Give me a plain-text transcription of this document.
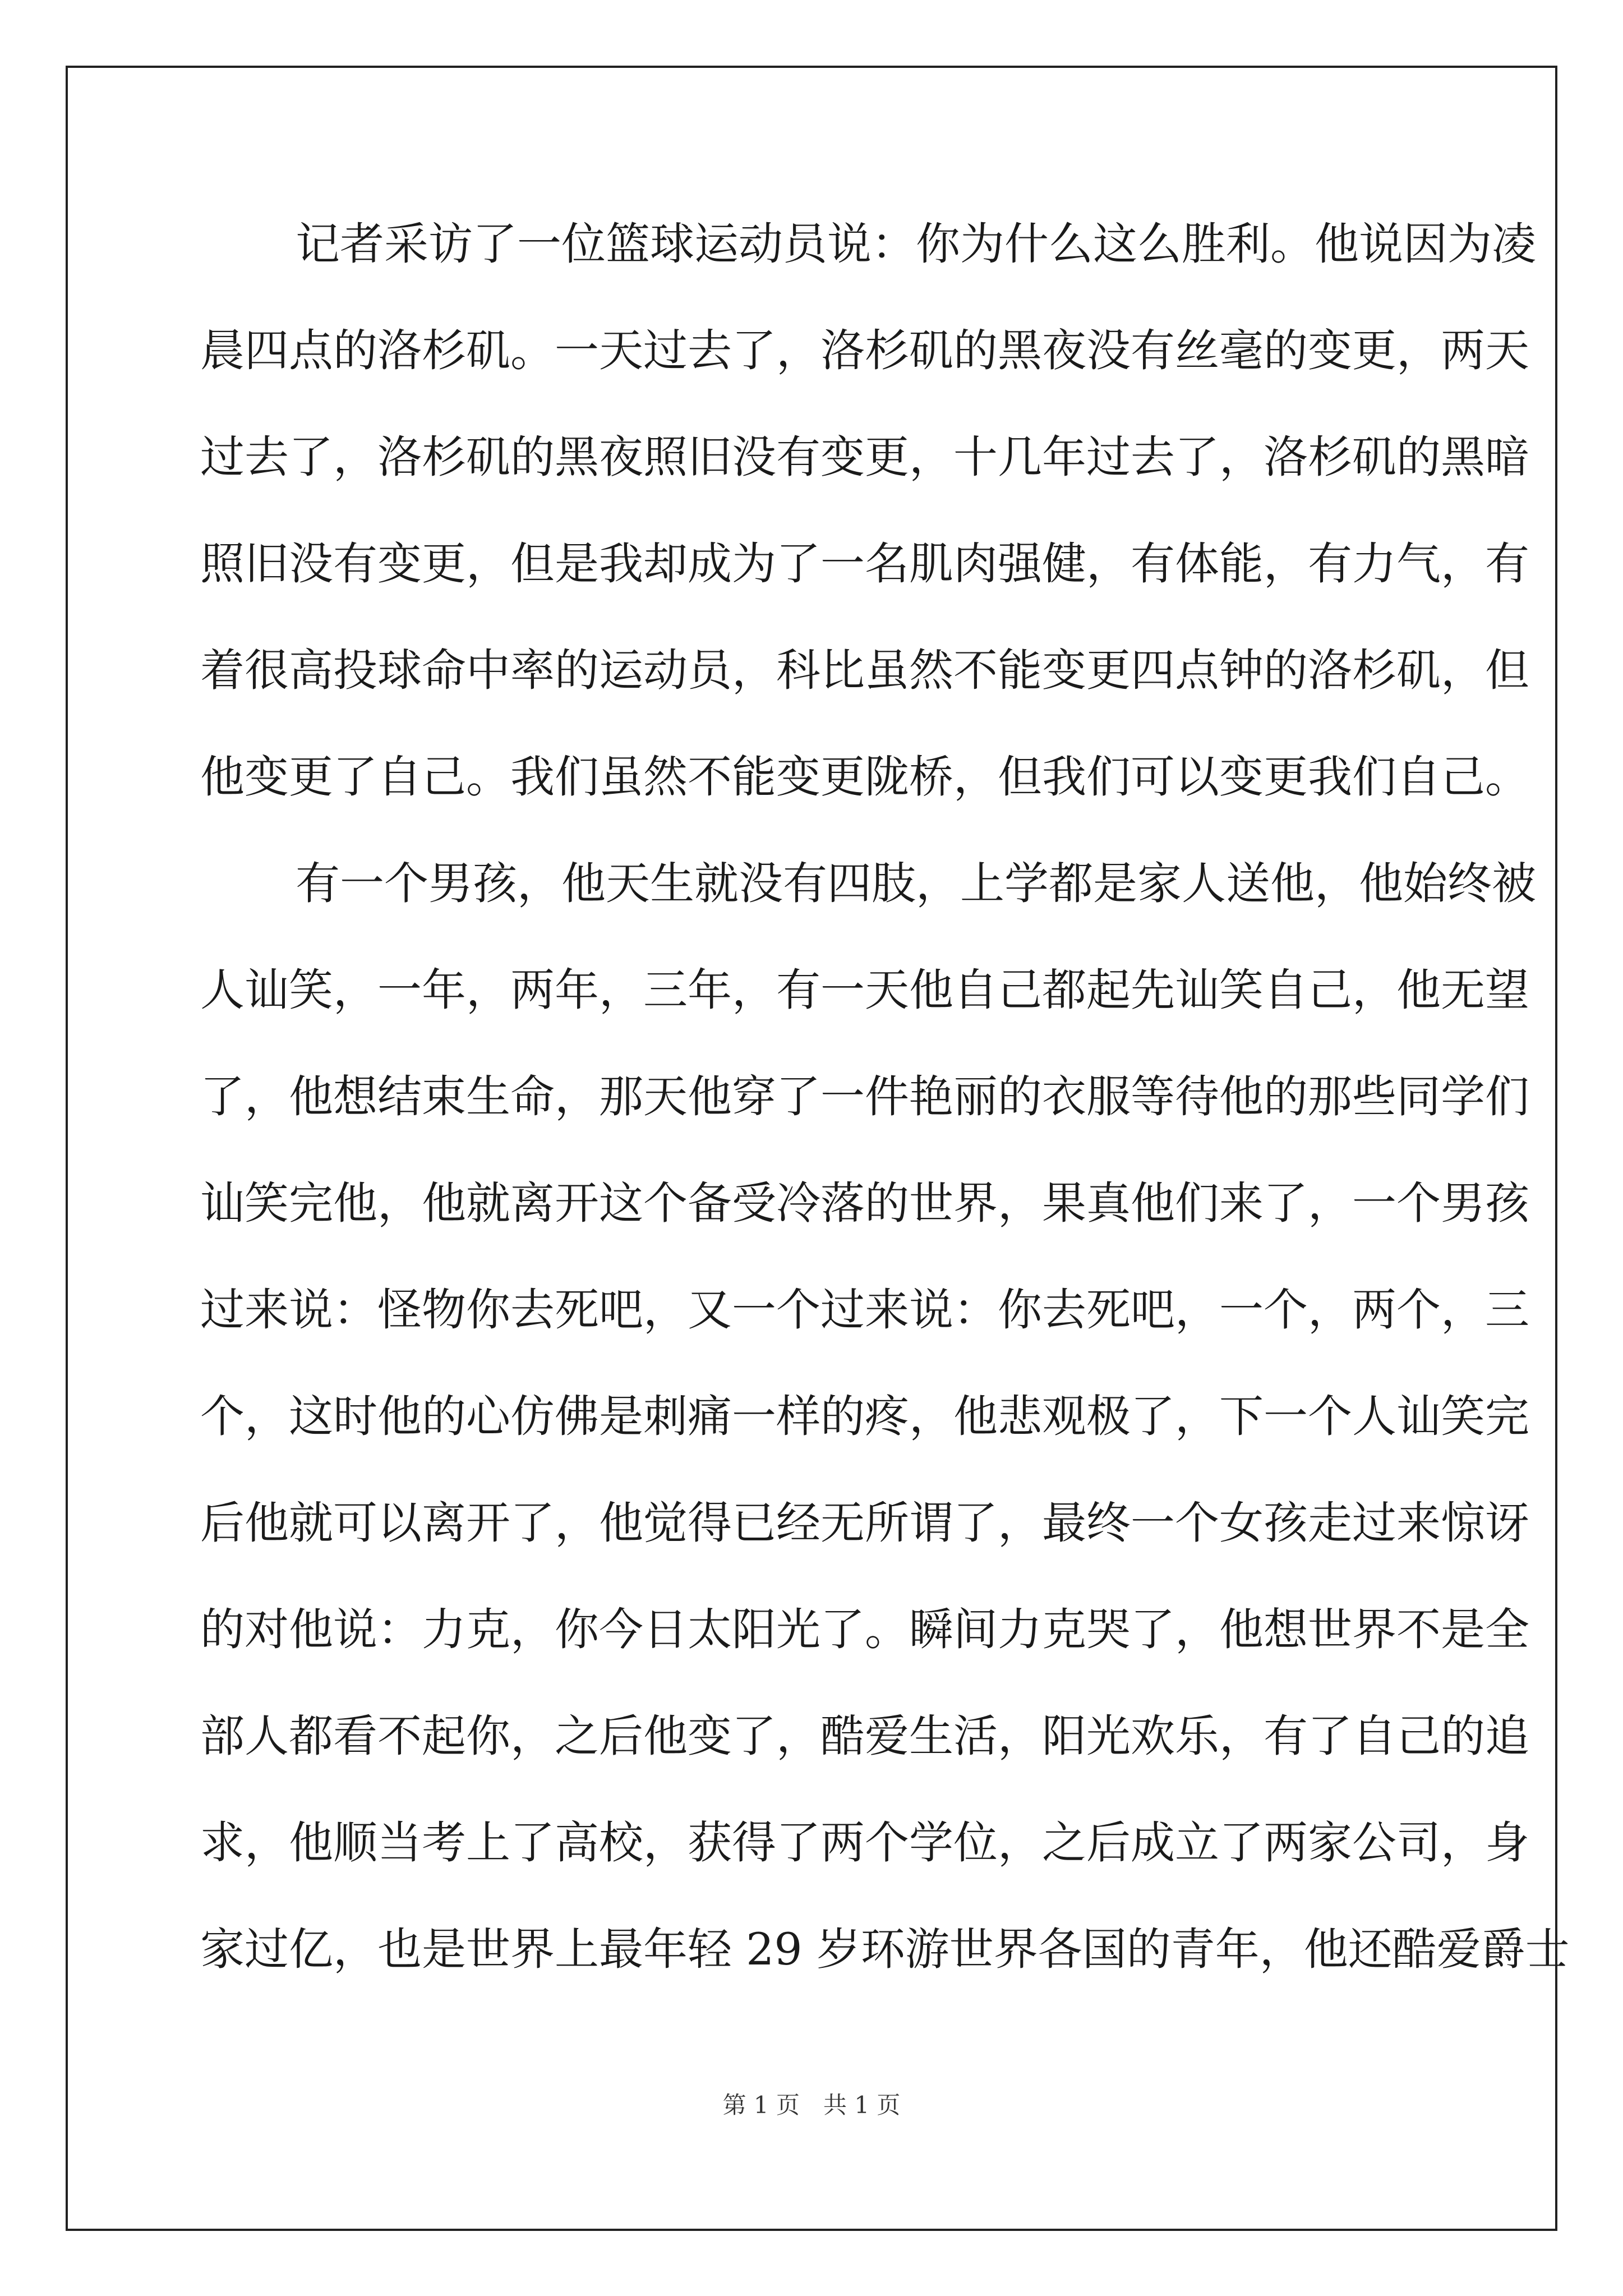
记者采访了一位篮球运动员说：你为什么这么胜利。他说因为凌
晨四点的洛杉矶。一天过去了，洛杉矶的黑夜没有丝毫的变更，两天
过去了，洛杉矶的黑夜照旧没有变更，十几年过去了，洛杉矶的黑暗
照旧没有变更，但是我却成为了一名肌肉强健，有体能，有力气，有
着很高投球命中率的运动员，科比虽然不能变更四点钟的洛杉矶，但
他变更了自己。我们虽然不能变更陇桥，但我们可以变更我们自己。
有一个男孩，他天生就没有四肢，上学都是家人送他，他始终被
人讪笑，一年，两年，三年，有一天他自己都起先讪笑自己，他无望
了，他想结束生命，那天他穿了一件艳丽的衣服等待他的那些同学们
讪笑完他，他就离开这个备受冷落的世界，果真他们来了，一个男孩
过来说：怪物你去死吧，又一个过来说：你去死吧，一个，两个，三
个，这时他的心仿佛是刺痛一样的疼，他悲观极了，下一个人讪笑完
后他就可以离开了，他觉得已经无所谓了，最终一个女孩走过来惊讶
的对他说：力克，你今日太阳光了。瞬间力克哭了，他想世界不是全
部人都看不起你，之后他变了，酷爱生活，阳光欢乐，有了自己的追
求，他顺当考上了高校，获得了两个学位，之后成立了两家公司，身
家过亿，也是世界上最年轻 29 岁环游世界各国的青年，他还酷爱爵士
第 1 页　共 1 页
